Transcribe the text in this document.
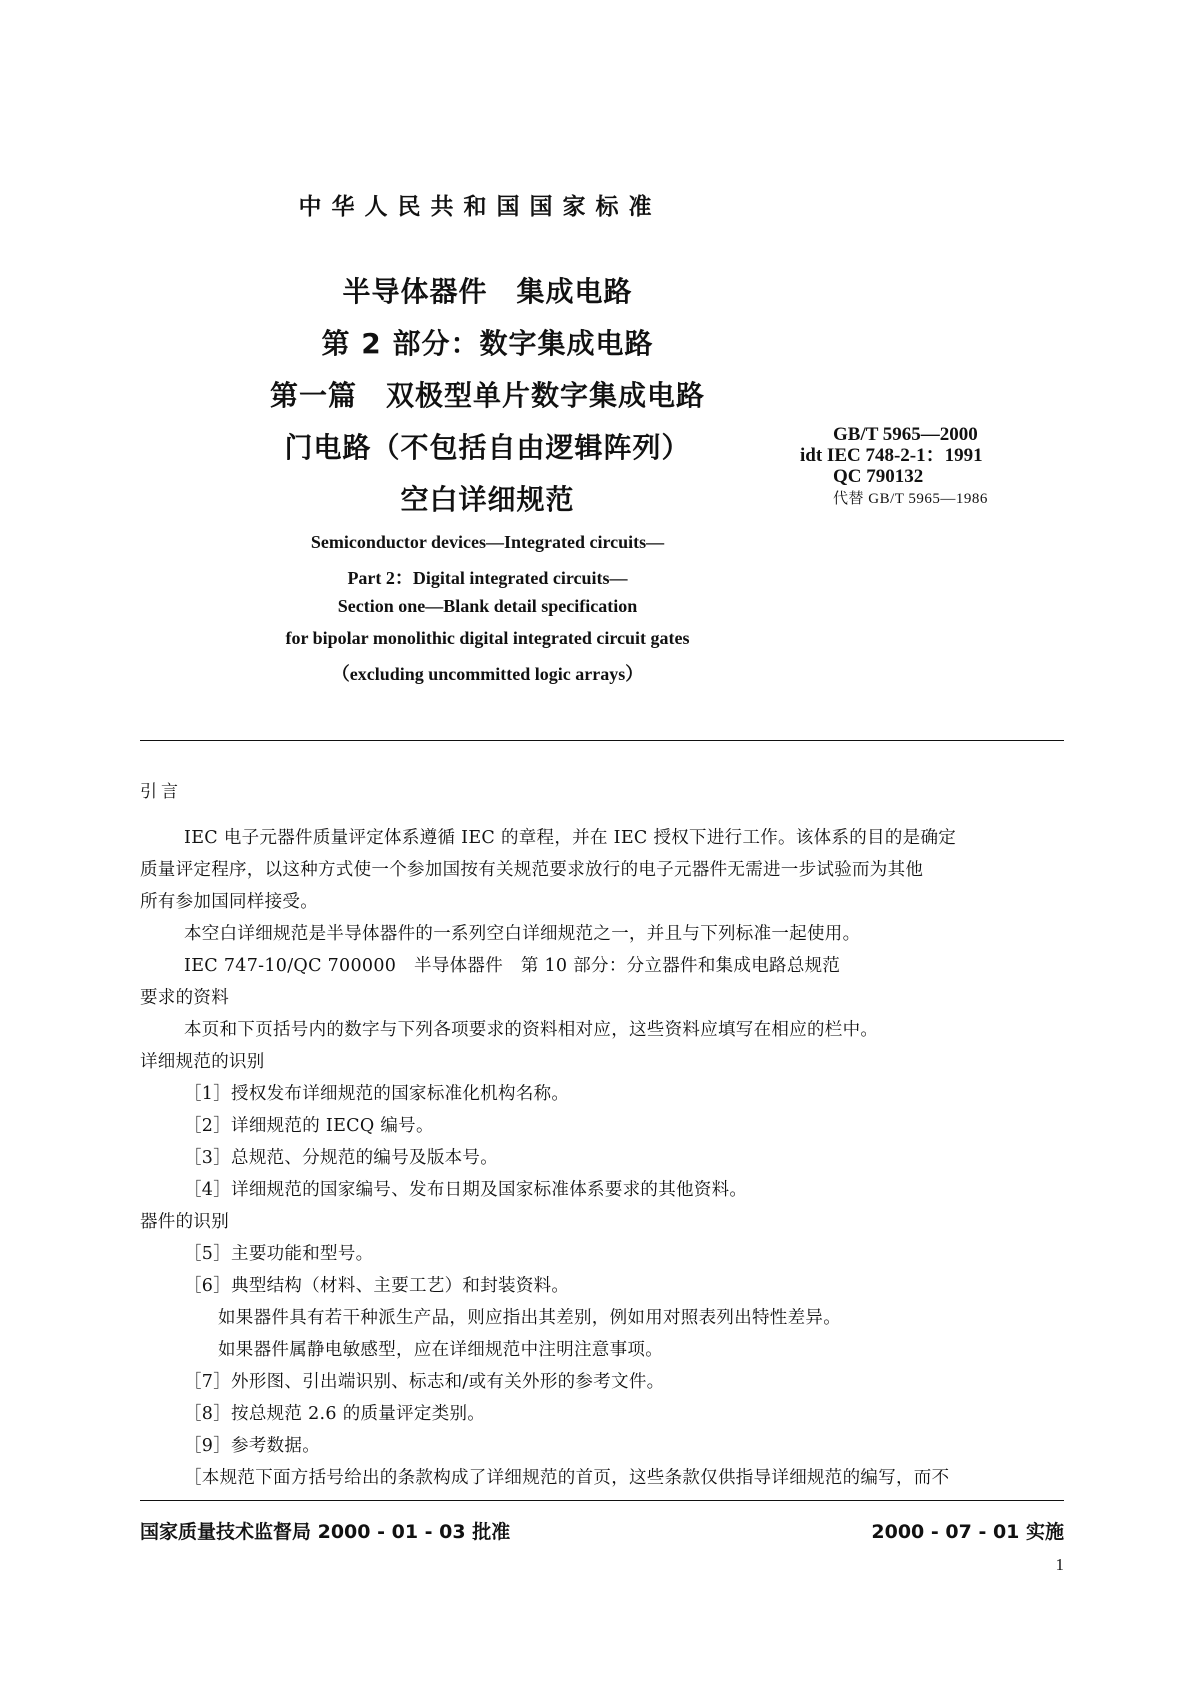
中华人民共和国国家标准
半导体器件　集成电路
第 2 部分：数字集成电路
第一篇　双极型单片数字集成电路
门电路（不包括自由逻辑阵列）
空白详细规范
GB/T 5965—2000
idt IEC 748-2-1：1991
QC 790132
代替 GB/T 5965—1986
Semiconductor devices—Integrated circuits—
Part 2：Digital integrated circuits—
Section one—Blank detail specification
for bipolar monolithic digital integrated circuit gates
（excluding uncommitted logic arrays）
引言
IEC 电子元器件质量评定体系遵循 IEC 的章程，并在 IEC 授权下进行工作。该体系的目的是确定
质量评定程序，以这种方式使一个参加国按有关规范要求放行的电子元器件无需进一步试验而为其他
所有参加国同样接受。
本空白详细规范是半导体器件的一系列空白详细规范之一，并且与下列标准一起使用。
IEC 747-10/QC 700000　半导体器件　第 10 部分：分立器件和集成电路总规范
要求的资料
本页和下页括号内的数字与下列各项要求的资料相对应，这些资料应填写在相应的栏中。
详细规范的识别
［1］授权发布详细规范的国家标准化机构名称。
［2］详细规范的 IECQ 编号。
［3］总规范、分规范的编号及版本号。
［4］详细规范的国家编号、发布日期及国家标准体系要求的其他资料。
器件的识别
［5］主要功能和型号。
［6］典型结构（材料、主要工艺）和封装资料。
如果器件具有若干种派生产品，则应指出其差别，例如用对照表列出特性差异。
如果器件属静电敏感型，应在详细规范中注明注意事项。
［7］外形图、引出端识别、标志和/或有关外形的参考文件。
［8］按总规范 2.6 的质量评定类别。
［9］参考数据。
［本规范下面方括号给出的条款构成了详细规范的首页，这些条款仅供指导详细规范的编写，而不
国家质量技术监督局 2000 - 01 - 03 批准	2000 - 07 - 01 实施
1
